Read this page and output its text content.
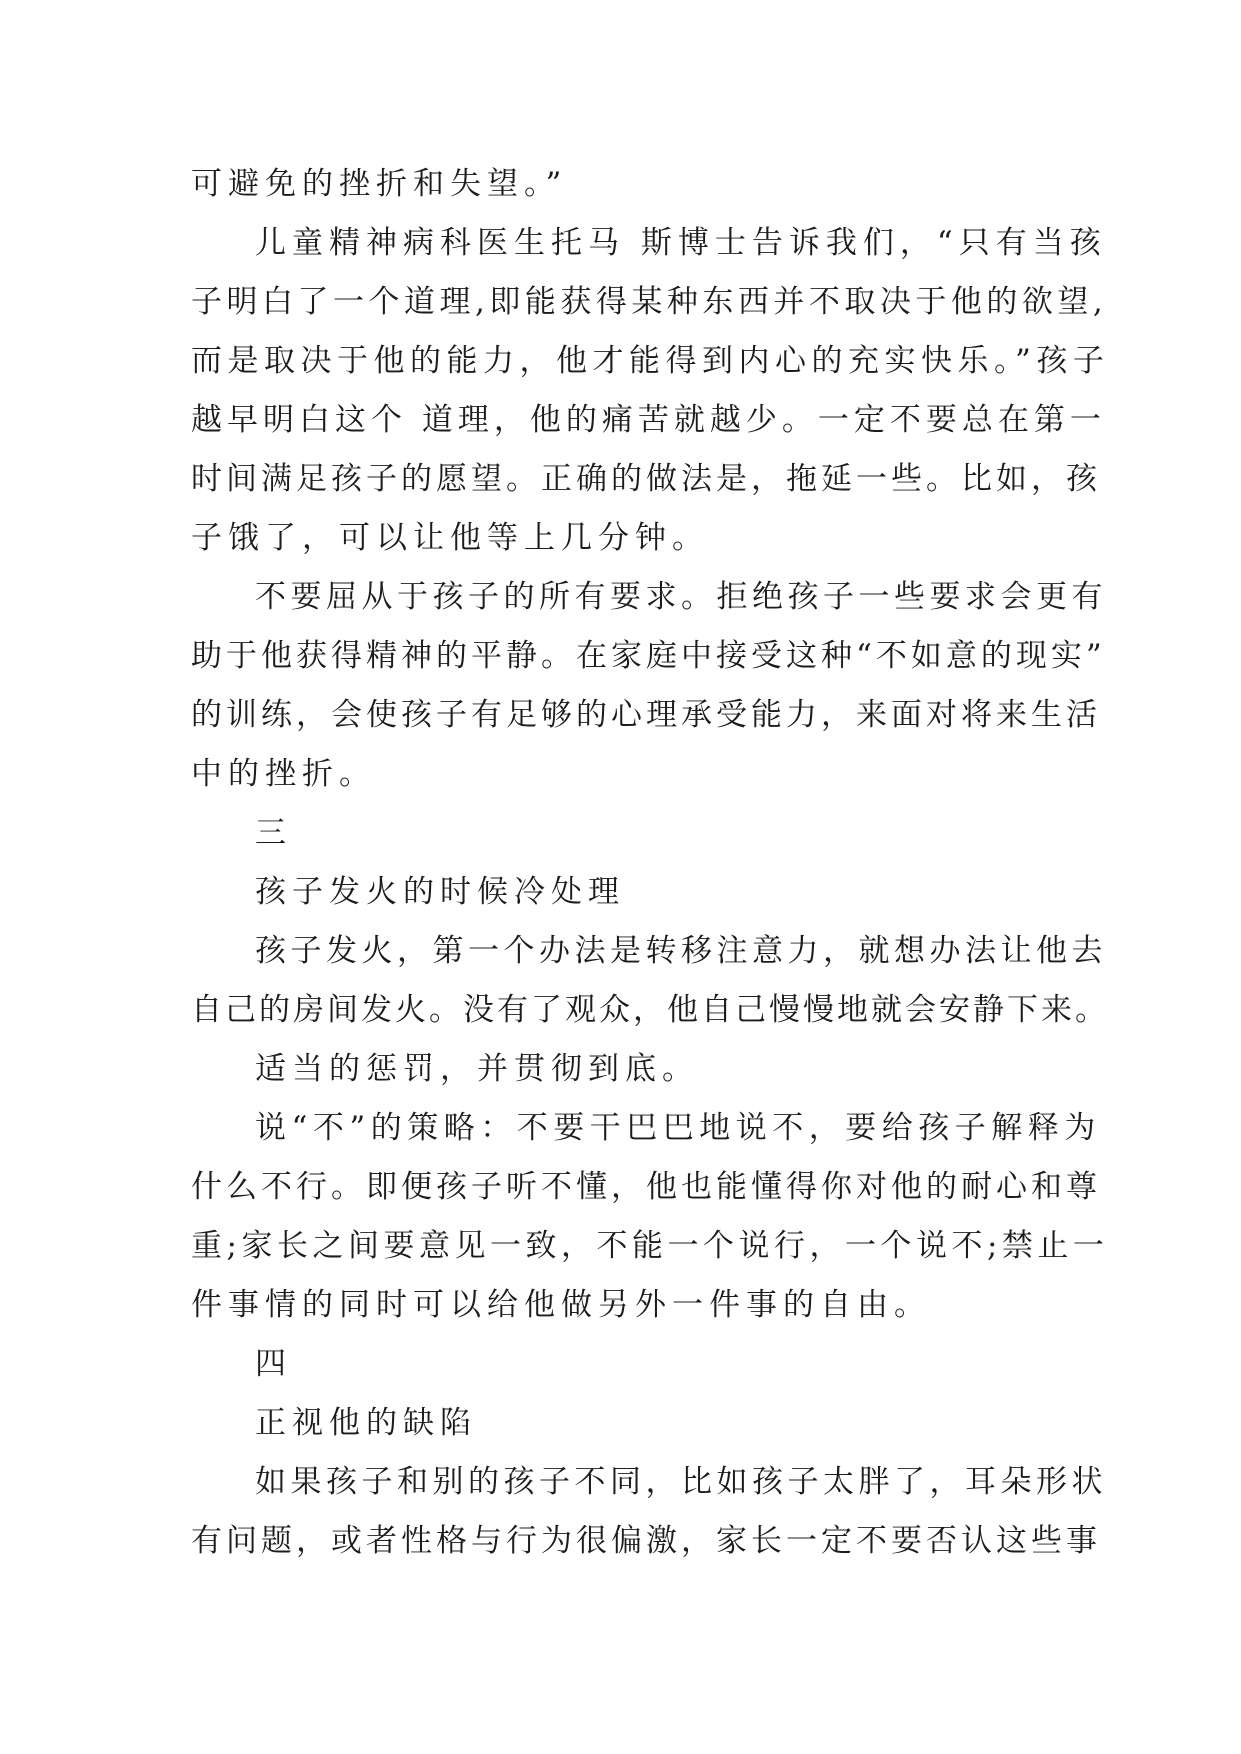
可避免的挫折和失望。”
儿童精神病科医生托马 斯博士告诉我们，“只有当孩
子明白了一个道理,即能获得某种东西并不取决于他的欲望,
而是取决于他的能力，他才能得到内心的充实快乐。”孩子
越早明白这个 道理，他的痛苦就越少。一定不要总在第一
时间满足孩子的愿望。正确的做法是，拖延一些。比如，孩
子饿了，可以让他等上几分钟。
不要屈从于孩子的所有要求。拒绝孩子一些要求会更有
助于他获得精神的平静。在家庭中接受这种“不如意的现实”
的训练，会使孩子有足够的心理承受能力，来面对将来生活
中的挫折。
三
孩子发火的时候冷处理
孩子发火，第一个办法是转移注意力，就想办法让他去
自己的房间发火。没有了观众，他自己慢慢地就会安静下来。
适当的惩罚，并贯彻到底。
说“不”的策略：不要干巴巴地说不，要给孩子解释为
什么不行。即便孩子听不懂，他也能懂得你对他的耐心和尊
重;家长之间要意见一致，不能一个说行，一个说不;禁止一
件事情的同时可以给他做另外一件事的自由。
四
正视他的缺陷
如果孩子和别的孩子不同，比如孩子太胖了，耳朵形状
有问题，或者性格与行为很偏激，家长一定不要否认这些事
